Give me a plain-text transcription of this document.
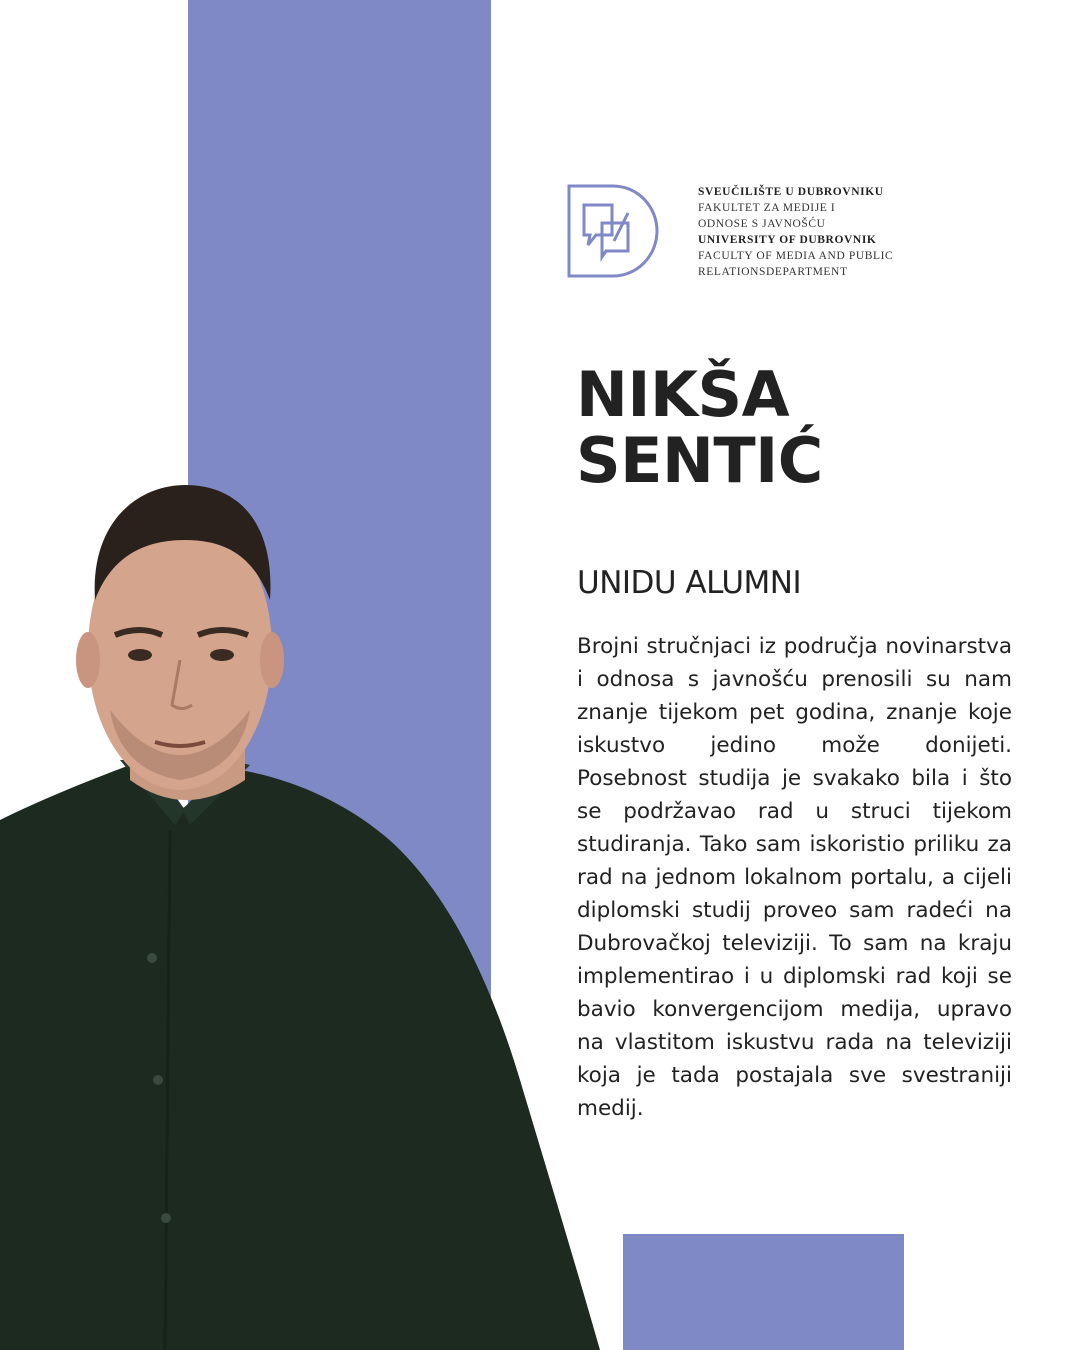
SVEUČILIŠTE U DUBROVNIKU
FAKULTET ZA MEDIJE I
ODNOSE S JAVNOŠĆU
UNIVERSITY OF DUBROVNIK
FACULTY OF MEDIA AND PUBLIC
RELATIONSDEPARTMENT
NIKŠA
SENTIĆ
UNIDU ALUMNI

Brojni stručnjaci iz područja novinarstva i odnosa s javnošću prenosili su nam znanje tijekom pet godina, znanje koje iskustvo jedino može donijeti. Posebnost studija je svakako bila i što se podržavao rad u struci tijekom studiranja. Tako sam iskoristio priliku za rad na jednom lokalnom portalu, a cijeli diplomski studij proveo sam radeći na Dubrovačkoj televiziji. To sam na kraju implementirao i u diplomski rad koji se bavio konvergencijom medija, upravo na vlastitom iskustvu rada na televiziji koja je tada postajala sve svestraniji medij.
